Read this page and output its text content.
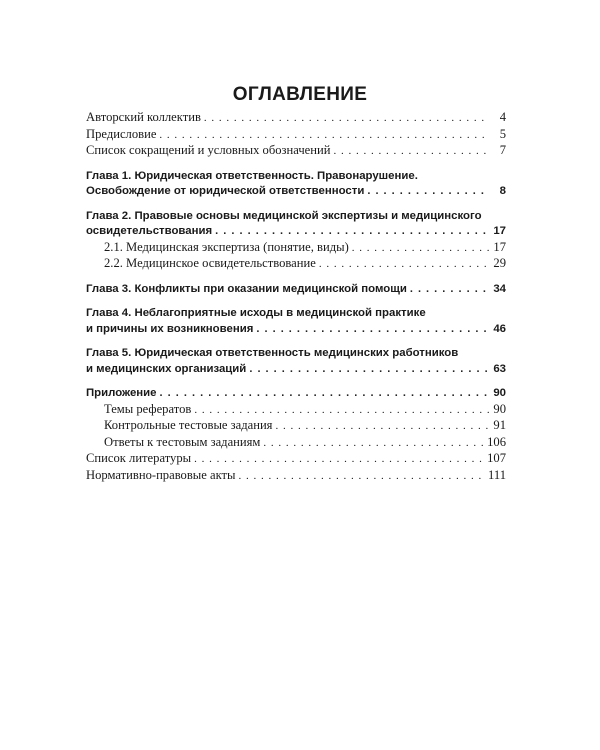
ОГЛАВЛЕНИЕ
Авторский коллектив . . .	4
Предисловие . . .	5
Список сокращений и условных обозначений . . .	7
Глава 1. Юридическая ответственность. Правонарушение.
Освобождение от юридической ответственности . . .	8
Глава 2. Правовые основы медицинской экспертизы и медицинского
освидетельствования . . .	17
2.1. Медицинская экспертиза (понятие, виды) . . .	17
2.2. Медицинское освидетельствование . . .	29
Глава 3. Конфликты при оказании медицинской помощи . . .	34
Глава 4. Неблагоприятные исходы в медицинской практике
и причины их возникновения . . .	46
Глава 5. Юридическая ответственность медицинских работников
и медицинских организаций . . .	63
Приложение . . .	90
Темы рефератов . . .	90
Контрольные тестовые задания . . .	91
Ответы к тестовым заданиям . . .	106
Список литературы . . .	107
Нормативно-правовые акты . . .	111
